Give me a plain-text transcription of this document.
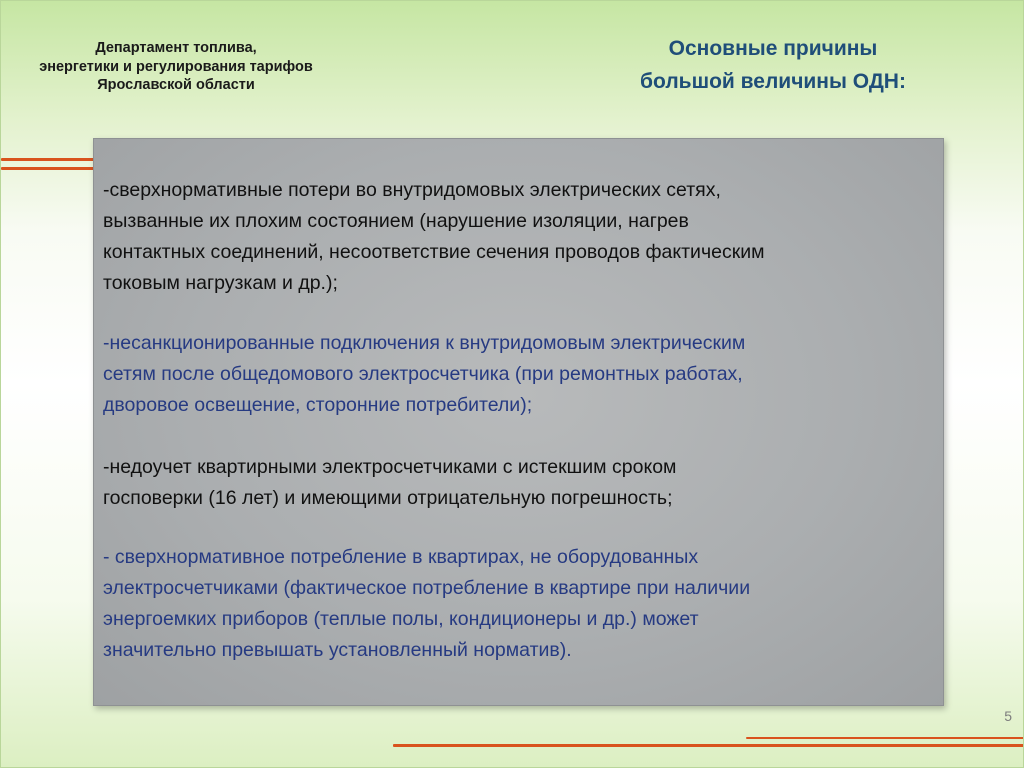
Департамент топлива,
энергетики и регулирования тарифов
Ярославской области
Основные причины
большой величины ОДН:
-сверхнормативные потери во внутридомовых электрических сетях,
вызванные их плохим состоянием (нарушение изоляции, нагрев
контактных соединений, несоответствие сечения проводов фактическим
токовым нагрузкам и др.);
-несанкционированные подключения к внутридомовым электрическим
сетям после общедомового электросчетчика (при ремонтных работах,
дворовое освещение, сторонние потребители);
-недоучет квартирными электросчетчиками с истекшим сроком
госповерки (16 лет) и имеющими отрицательную погрешность;
- сверхнормативное потребление в квартирах, не оборудованных
электросчетчиками (фактическое потребление в квартире при наличии
энергоемких приборов (теплые полы, кондиционеры и др.) может
значительно превышать установленный норматив).
5
